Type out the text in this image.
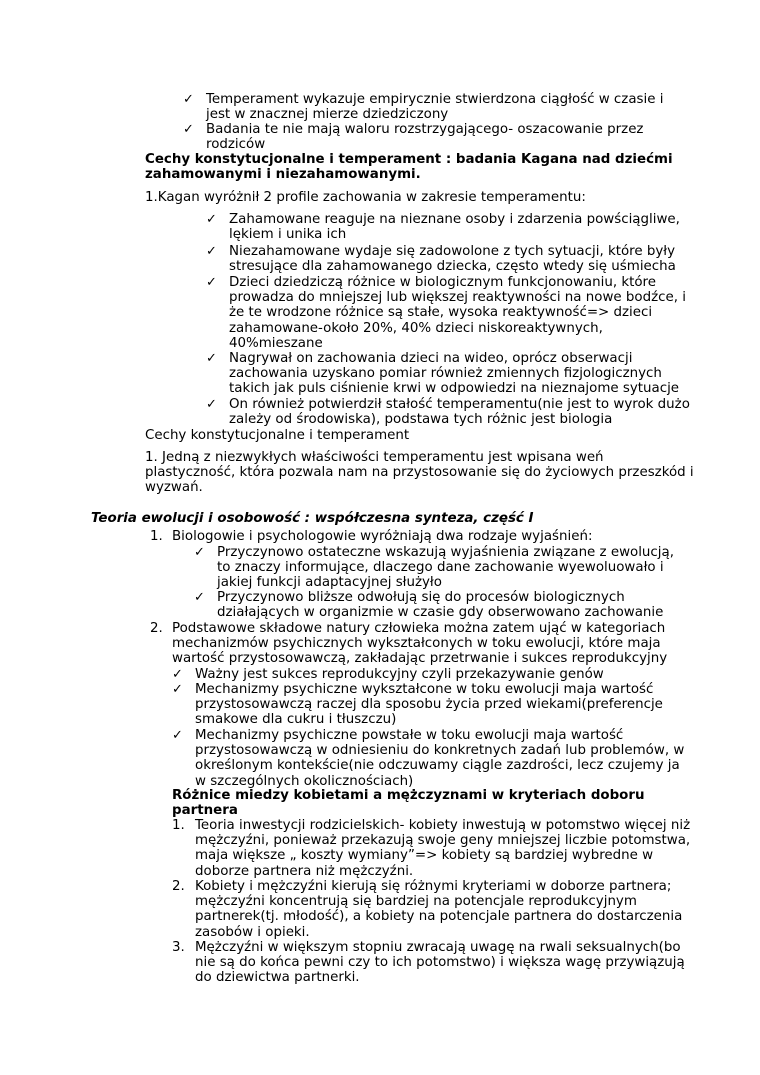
✓ Temperament wykazuje empirycznie stwierdzona ciągłość w czasie i
jest w znacznej mierze dziedziczony
✓ Badania te nie mają waloru rozstrzygającego- oszacowanie przez
rodziców
Cechy konstytucjonalne i temperament : badania Kagana nad dziećmi
zahamowanymi i niezahamowanymi.
1.Kagan wyróżnił 2 profile zachowania w zakresie temperamentu:
✓ Zahamowane reaguje na nieznane osoby i zdarzenia powściągliwe,
lękiem i unika ich
✓ Niezahamowane wydaje się zadowolone z tych sytuacji, które były
stresujące dla zahamowanego dziecka, często wtedy się uśmiecha
✓ Dzieci dziedziczą różnice w biologicznym funkcjonowaniu, które
prowadza do mniejszej lub większej reaktywności na nowe bodźce, i
że te wrodzone różnice są stałe, wysoka reaktywność=> dzieci
zahamowane-około 20%, 40% dzieci niskoreaktywnych,
40%mieszane
✓ Nagrywał on zachowania dzieci na wideo, oprócz obserwacji
zachowania uzyskano pomiar również zmiennych fizjologicznych
takich jak puls ciśnienie krwi w odpowiedzi na nieznajome sytuacje
✓ On również potwierdził stałość temperamentu(nie jest to wyrok dużo
zależy od środowiska), podstawa tych różnic jest biologia
Cechy konstytucjonalne i temperament
1. Jedną z niezwykłych właściwości temperamentu jest wpisana weń
plastyczność, która pozwala nam na przystosowanie się do życiowych przeszkód i
wyzwań.
Teoria ewolucji i osobowość : współczesna synteza, część I
1. Biologowie i psychologowie wyróżniają dwa rodzaje wyjaśnień:
✓ Przyczynowo ostateczne wskazują wyjaśnienia związane z ewolucją,
to znaczy informujące, dlaczego dane zachowanie wyewoluowało i
jakiej funkcji adaptacyjnej służyło
✓ Przyczynowo bliższe odwołują się do procesów biologicznych
działających w organizmie w czasie gdy obserwowano zachowanie
2. Podstawowe składowe natury człowieka można zatem ująć w kategoriach
mechanizmów psychicznych wykształconych w toku ewolucji, które maja
wartość przystosowawczą, zakładając przetrwanie i sukces reprodukcyjny
✓ Ważny jest sukces reprodukcyjny czyli przekazywanie genów
✓ Mechanizmy psychiczne wykształcone w toku ewolucji maja wartość
przystosowawczą raczej dla sposobu życia przed wiekami(preferencje
smakowe dla cukru i tłuszczu)
✓ Mechanizmy psychiczne powstałe w toku ewolucji maja wartość
przystosowawczą w odniesieniu do konkretnych zadań lub problemów, w
określonym kontekście(nie odczuwamy ciągle zazdrości, lecz czujemy ja
w szczególnych okolicznościach)
Różnice miedzy kobietami a mężczyznami w kryteriach doboru
partnera
1. Teoria inwestycji rodzicielskich- kobiety inwestują w potomstwo więcej niż
mężczyźni, ponieważ przekazują swoje geny mniejszej liczbie potomstwa,
maja większe „ koszty wymiany”=> kobiety są bardziej wybredne w
doborze partnera niż mężczyźni.
2. Kobiety i mężczyźni kierują się różnymi kryteriami w doborze partnera;
mężczyźni koncentrują się bardziej na potencjale reprodukcyjnym
partnerek(tj. młodość), a kobiety na potencjale partnera do dostarczenia
zasobów i opieki.
3. Mężczyźni w większym stopniu zwracają uwagę na rwali seksualnych(bo
nie są do końca pewni czy to ich potomstwo) i większa wagę przywiązują
do dziewictwa partnerki.
